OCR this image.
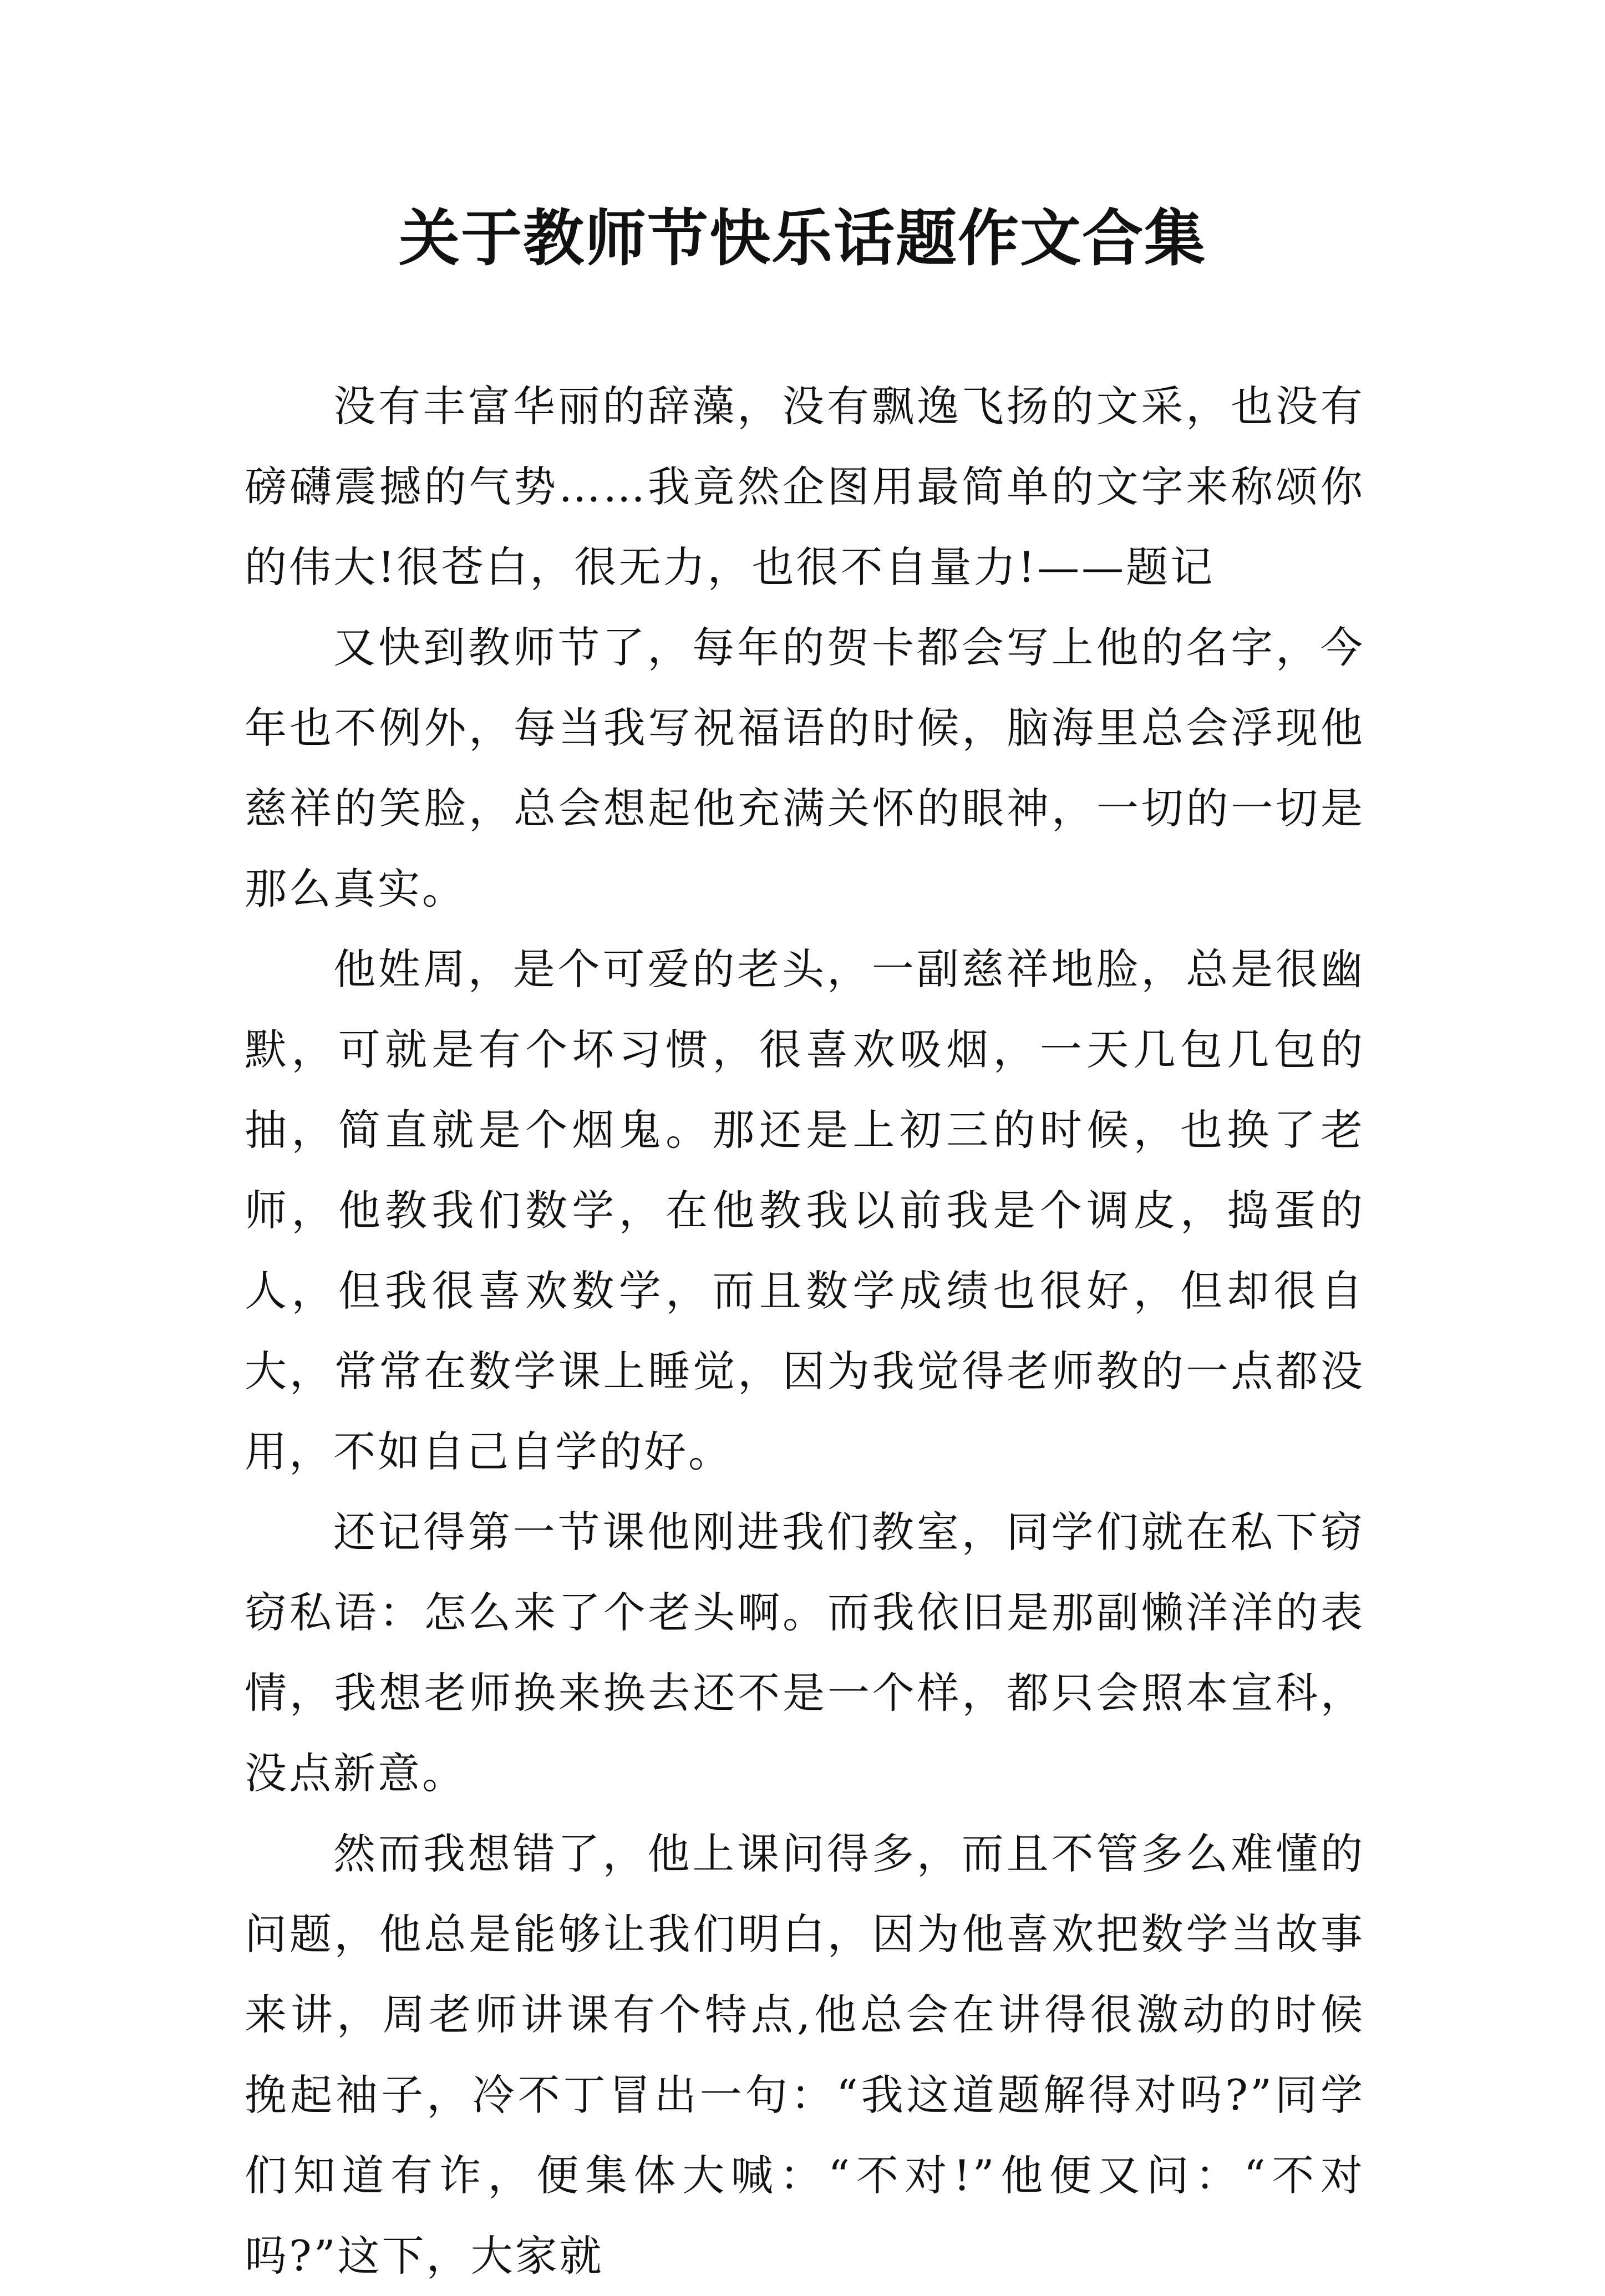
关于教师节快乐话题作文合集

没有丰富华丽的辞藻，没有飘逸飞扬的文采，也没有磅礴震撼的气势……我竟然企图用最简单的文字来称颂你的伟大!很苍白，很无力，也很不自量力!——题记

又快到教师节了，每年的贺卡都会写上他的名字，今年也不例外，每当我写祝福语的时候，脑海里总会浮现他慈祥的笑脸，总会想起他充满关怀的眼神，一切的一切是那么真实。

他姓周，是个可爱的老头，一副慈祥地脸，总是很幽默，可就是有个坏习惯，很喜欢吸烟，一天几包几包的抽，简直就是个烟鬼。那还是上初三的时候，也换了老师，他教我们数学，在他教我以前我是个调皮，捣蛋的人，但我很喜欢数学，而且数学成绩也很好，但却很自大，常常在数学课上睡觉，因为我觉得老师教的一点都没用，不如自己自学的好。

还记得第一节课他刚进我们教室，同学们就在私下窃窃私语：怎么来了个老头啊。而我依旧是那副懒洋洋的表情，我想老师换来换去还不是一个样，都只会照本宣科，没点新意。

然而我想错了，他上课问得多，而且不管多么难懂的问题，他总是能够让我们明白，因为他喜欢把数学当故事来讲，周老师讲课有个特点,他总会在讲得很激动的时候挽起袖子，冷不丁冒出一句：“我这道题解得对吗?”同学们知道有诈，便集体大喊：“不对!”他便又问：“不对吗?”这下，大家就
